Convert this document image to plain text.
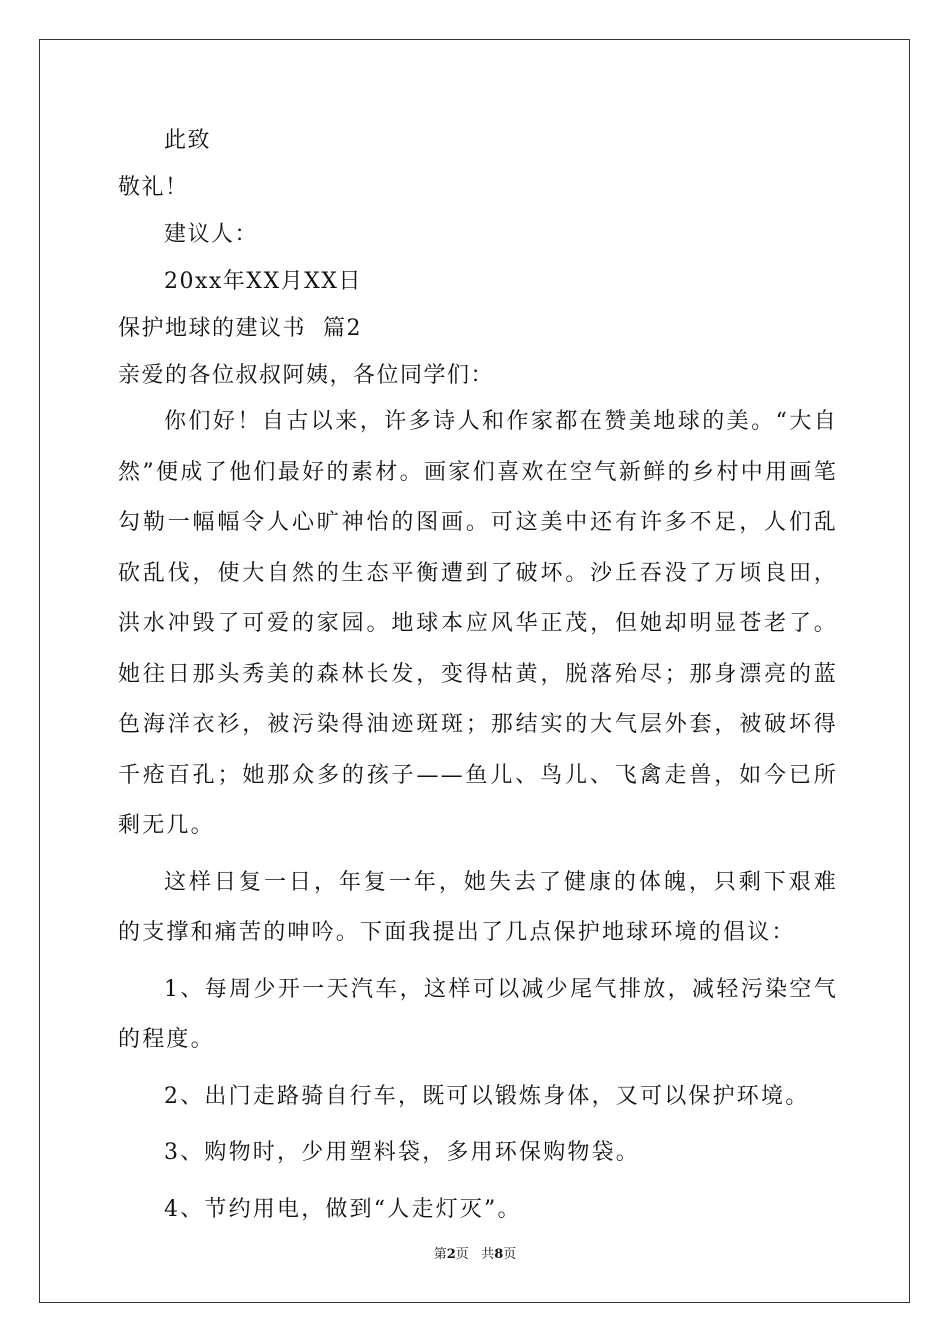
此致
敬礼！
建议人：
20xx年XX月XX日
保护地球的建议书  篇2
亲爱的各位叔叔阿姨，各位同学们：

你们好！自古以来，许多诗人和作家都在赞美地球的美。“大自然”便成了他们最好的素材。画家们喜欢在空气新鲜的乡村中用画笔勾勒一幅幅令人心旷神怡的图画。可这美中还有许多不足，人们乱砍乱伐，使大自然的生态平衡遭到了破坏。沙丘吞没了万顷良田，洪水冲毁了可爱的家园。地球本应风华正茂，但她却明显苍老了。她往日那头秀美的森林长发，变得枯黄，脱落殆尽；那身漂亮的蓝色海洋衣衫，被污染得油迹斑斑；那结实的大气层外套，被破坏得千疮百孔；她那众多的孩子——鱼儿、鸟儿、飞禽走兽，如今已所剩无几。

这样日复一日，年复一年，她失去了健康的体魄，只剩下艰难的支撑和痛苦的呻吟。下面我提出了几点保护地球环境的倡议：

1、每周少开一天汽车，这样可以减少尾气排放，减轻污染空气的程度。

2、出门走路骑自行车，既可以锻炼身体，又可以保护环境。

3、购物时，少用塑料袋，多用环保购物袋。

4、节约用电，做到“人走灯灭”。

第2页 共8页
